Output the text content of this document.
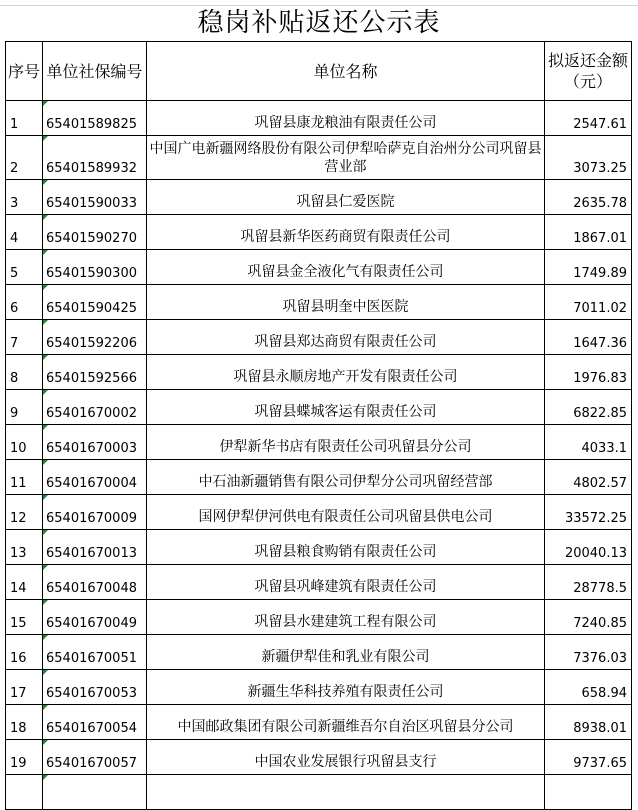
稳岗补贴返还公示表
序号	单位社保编号	单位名称	拟返还金额（元）
1	65401589825	巩留县康龙粮油有限责任公司	2547.61
2	65401589932	中国广电新疆网络股份有限公司伊犁哈萨克自治州分公司巩留县营业部	3073.25
3	65401590033	巩留县仁爱医院	2635.78
4	65401590270	巩留县新华医药商贸有限责任公司	1867.01
5	65401590300	巩留县金全液化气有限责任公司	1749.89
6	65401590425	巩留县明奎中医医院	7011.02
7	65401592206	巩留县郑达商贸有限责任公司	1647.36
8	65401592566	巩留县永顺房地产开发有限责任公司	1976.83
9	65401670002	巩留县蝶城客运有限责任公司	6822.85
10	65401670003	伊犁新华书店有限责任公司巩留县分公司	4033.1
11	65401670004	中石油新疆销售有限公司伊犁分公司巩留经营部	4802.57
12	65401670009	国网伊犁伊河供电有限责任公司巩留县供电公司	33572.25
13	65401670013	巩留县粮食购销有限责任公司	20040.13
14	65401670048	巩留县巩峰建筑有限责任公司	28778.5
15	65401670049	巩留县水建建筑工程有限公司	7240.85
16	65401670051	新疆伊犁佳和乳业有限公司	7376.03
17	65401670053	新疆生华科技养殖有限责任公司	658.94
18	65401670054	中国邮政集团有限公司新疆维吾尔自治区巩留县分公司	8938.01
19	65401670057	中国农业发展银行巩留县支行	9737.65
